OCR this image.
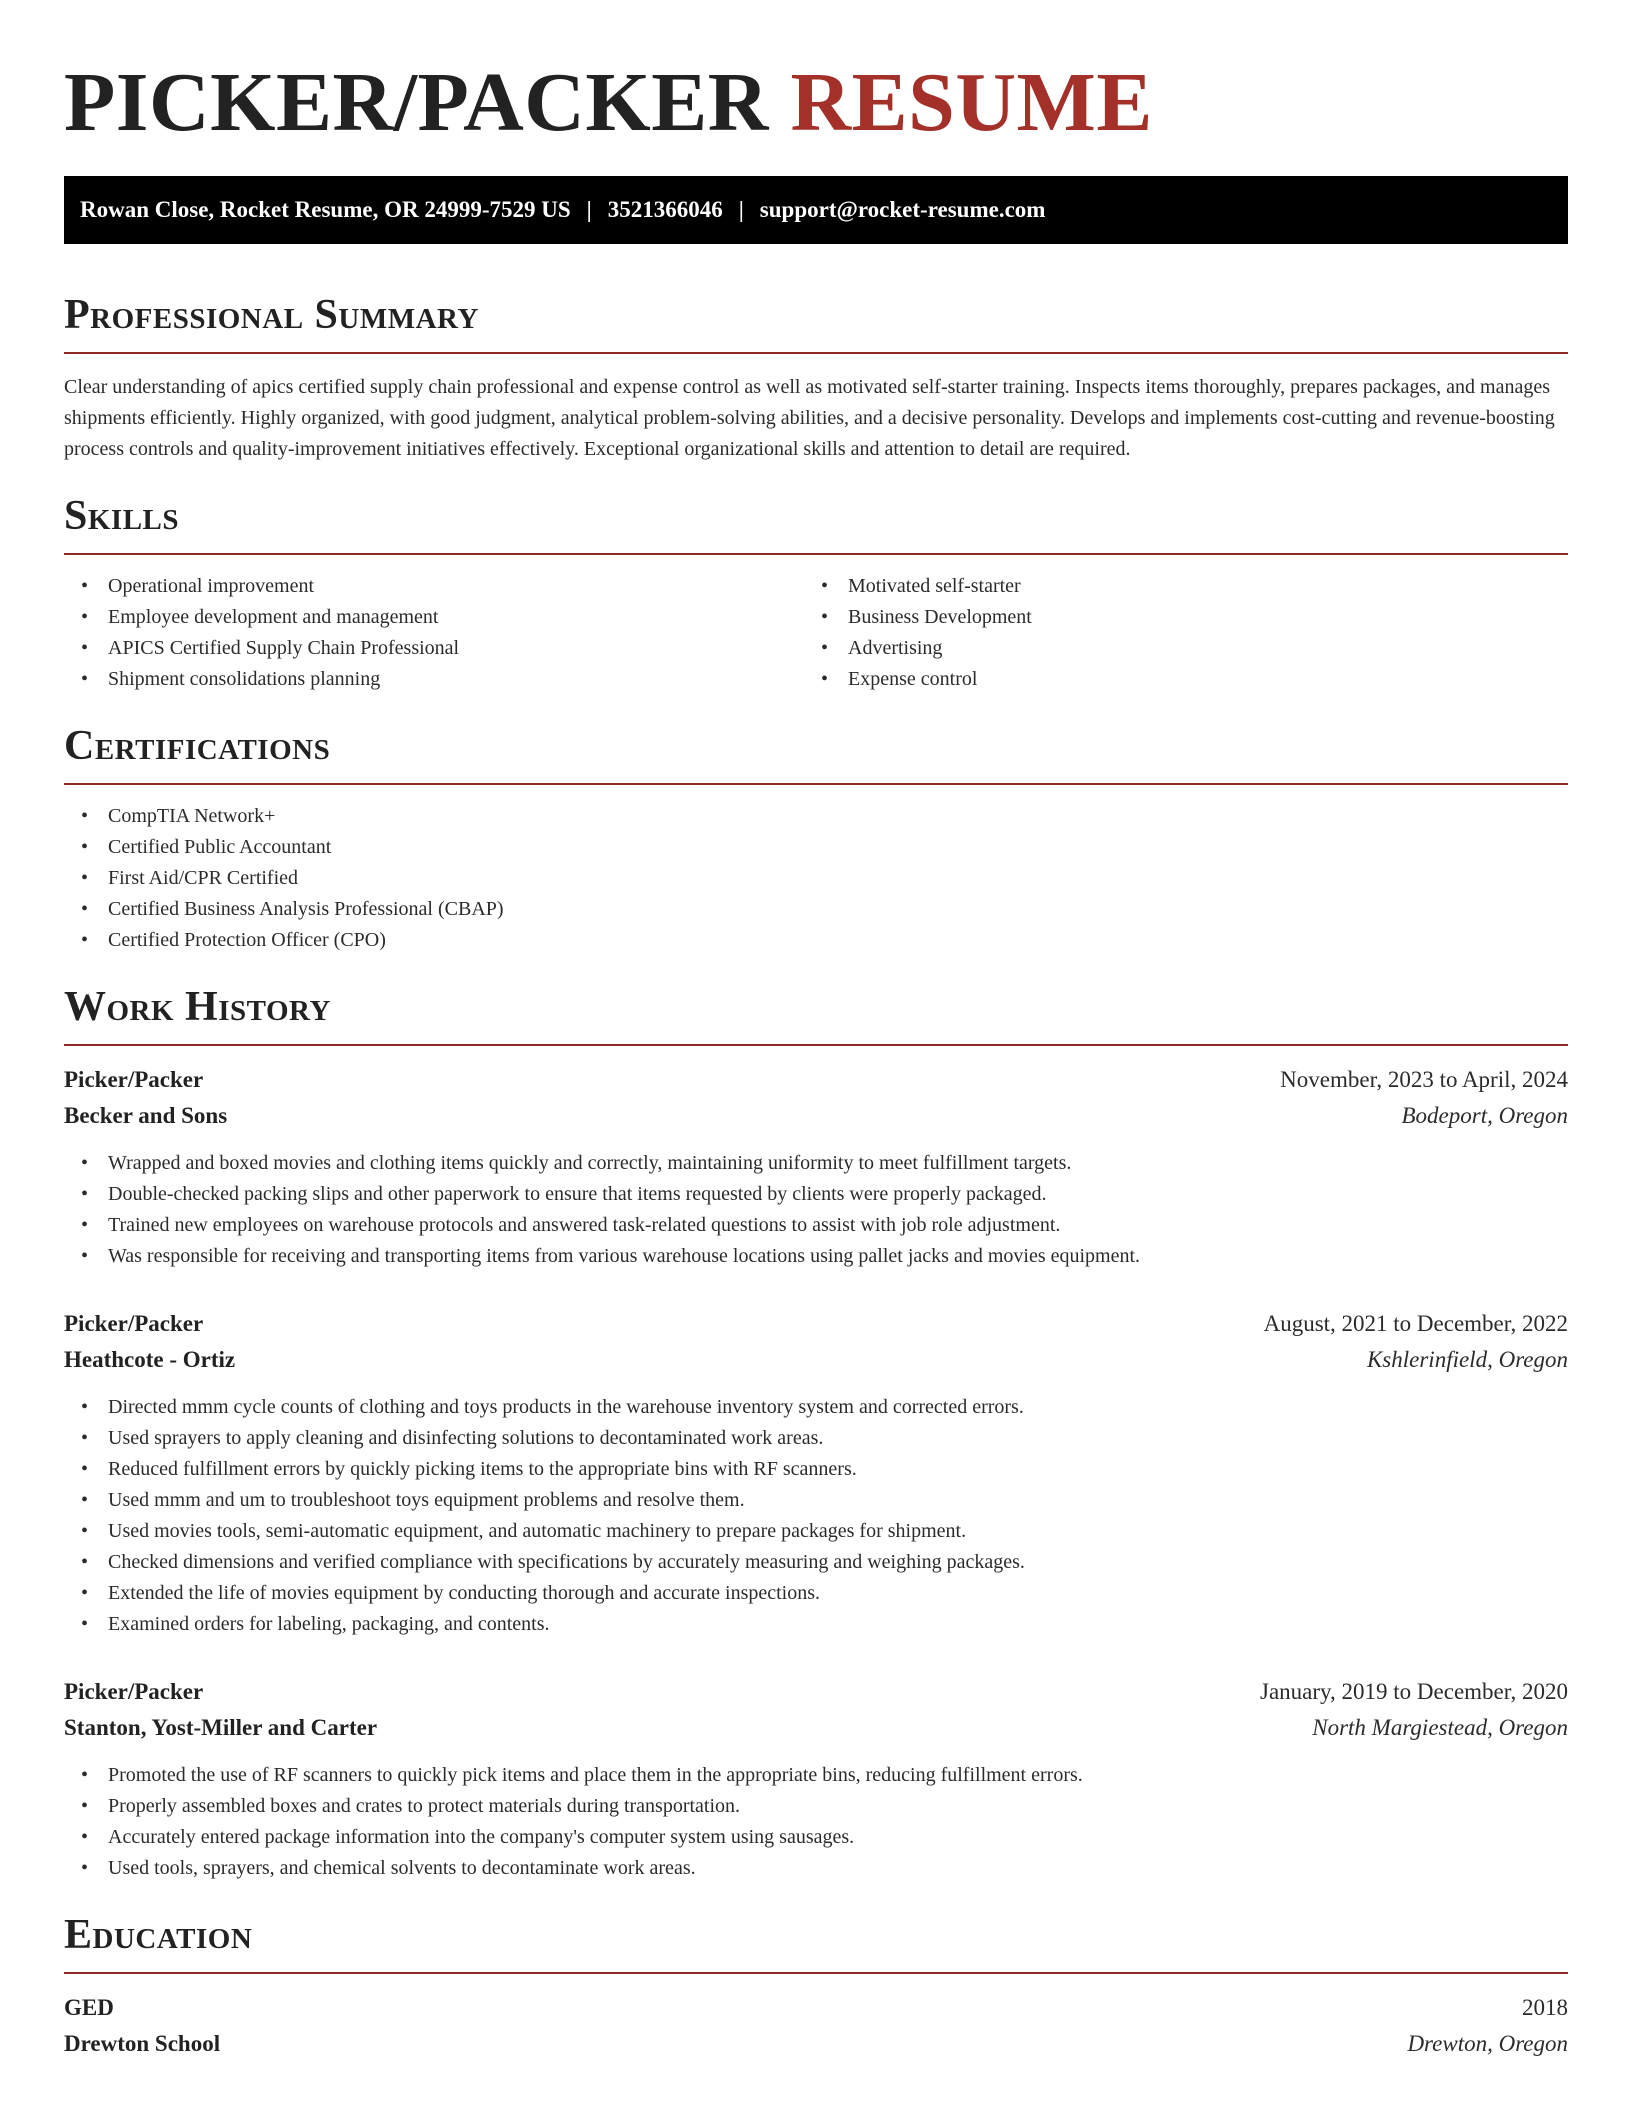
PICKER/PACKER RESUME
Rowan Close, Rocket Resume, OR 24999-7529 US | 3521366046 | support@rocket-resume.com
Professional Summary

Clear understanding of apics certified supply chain professional and expense control as well as motivated self-starter training. Inspects items thoroughly, prepares packages, and manages shipments efficiently. Highly organized, with good judgment, analytical problem-solving abilities, and a decisive personality. Develops and implements cost-cutting and revenue-boosting process controls and quality-improvement initiatives effectively. Exceptional organizational skills and attention to detail are required.

Skills
• Operational improvement
• Employee development and management
• APICS Certified Supply Chain Professional
• Shipment consolidations planning
• Motivated self-starter
• Business Development
• Advertising
• Expense control
Certifications
• CompTIA Network+
• Certified Public Accountant
• First Aid/CPR Certified
• Certified Business Analysis Professional (CBAP)
• Certified Protection Officer (CPO)
Work History
Picker/Packer	November, 2023 to April, 2024
Becker and Sons	Bodeport, Oregon
• Wrapped and boxed movies and clothing items quickly and correctly, maintaining uniformity to meet fulfillment targets.
• Double-checked packing slips and other paperwork to ensure that items requested by clients were properly packaged.
• Trained new employees on warehouse protocols and answered task-related questions to assist with job role adjustment.
• Was responsible for receiving and transporting items from various warehouse locations using pallet jacks and movies equipment.
Picker/Packer	August, 2021 to December, 2022
Heathcote - Ortiz	Kshlerinfield, Oregon
• Directed mmm cycle counts of clothing and toys products in the warehouse inventory system and corrected errors.
• Used sprayers to apply cleaning and disinfecting solutions to decontaminated work areas.
• Reduced fulfillment errors by quickly picking items to the appropriate bins with RF scanners.
• Used mmm and um to troubleshoot toys equipment problems and resolve them.
• Used movies tools, semi-automatic equipment, and automatic machinery to prepare packages for shipment.
• Checked dimensions and verified compliance with specifications by accurately measuring and weighing packages.
• Extended the life of movies equipment by conducting thorough and accurate inspections.
• Examined orders for labeling, packaging, and contents.
Picker/Packer	January, 2019 to December, 2020
Stanton, Yost-Miller and Carter	North Margiestead, Oregon
• Promoted the use of RF scanners to quickly pick items and place them in the appropriate bins, reducing fulfillment errors.
• Properly assembled boxes and crates to protect materials during transportation.
• Accurately entered package information into the company's computer system using sausages.
• Used tools, sprayers, and chemical solvents to decontaminate work areas.
Education
GED	2018
Drewton School	Drewton, Oregon
